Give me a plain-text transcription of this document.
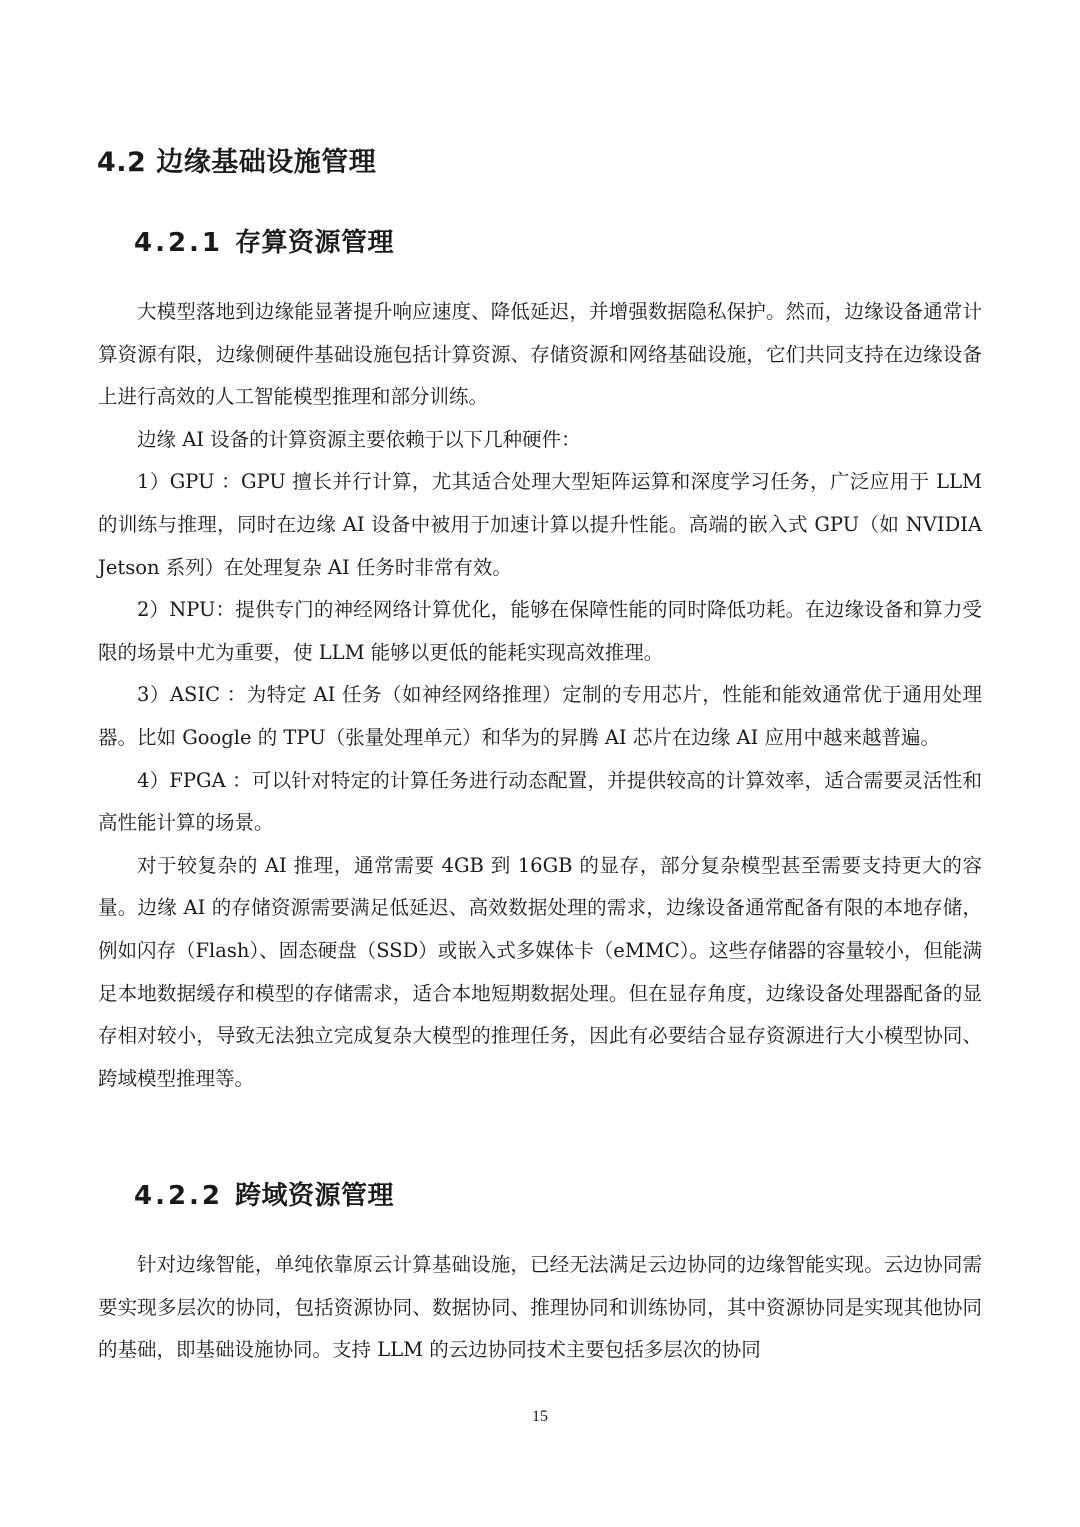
4.2 边缘基础设施管理
4.2.1 存算资源管理

大模型落地到边缘能显著提升响应速度、降低延迟，并增强数据隐私保护。然而，边缘设备通常计算资源有限，边缘侧硬件基础设施包括计算资源、存储资源和网络基础设施，它们共同支持在边缘设备上进行高效的人工智能模型推理和部分训练。

边缘 AI 设备的计算资源主要依赖于以下几种硬件：

1）GPU ：GPU 擅长并行计算，尤其适合处理大型矩阵运算和深度学习任务，广泛应用于 LLM 的训练与推理，同时在边缘 AI 设备中被用于加速计算以提升性能。高端的嵌入式 GPU（如 NVIDIA Jetson 系列）在处理复杂 AI 任务时非常有效。

2）NPU：提供专门的神经网络计算优化，能够在保障性能的同时降低功耗。在边缘设备和算力受限的场景中尤为重要，使 LLM 能够以更低的能耗实现高效推理。

3）ASIC ：为特定 AI 任务（如神经网络推理）定制的专用芯片，性能和能效通常优于通用处理器。比如 Google 的 TPU（张量处理单元）和华为的昇腾 AI 芯片在边缘 AI 应用中越来越普遍。

4）FPGA ：可以针对特定的计算任务进行动态配置，并提供较高的计算效率，适合需要灵活性和高性能计算的场景。

对于较复杂的 AI 推理，通常需要 4GB 到 16GB 的显存，部分复杂模型甚至需要支持更大的容量。边缘 AI 的存储资源需要满足低延迟、高效数据处理的需求，边缘设备通常配备有限的本地存储，例如闪存（Flash）、固态硬盘（SSD）或嵌入式多媒体卡（eMMC）。这些存储器的容量较小，但能满足本地数据缓存和模型的存储需求，适合本地短期数据处理。但在显存角度，边缘设备处理器配备的显存相对较小，导致无法独立完成复杂大模型的推理任务，因此有必要结合显存资源进行大小模型协同、跨域模型推理等。

4.2.2 跨域资源管理

针对边缘智能，单纯依靠原云计算基础设施，已经无法满足云边协同的边缘智能实现。云边协同需要实现多层次的协同，包括资源协同、数据协同、推理协同和训练协同，其中资源协同是实现其他协同的基础，即基础设施协同。支持 LLM 的云边协同技术主要包括多层次的协同

15
